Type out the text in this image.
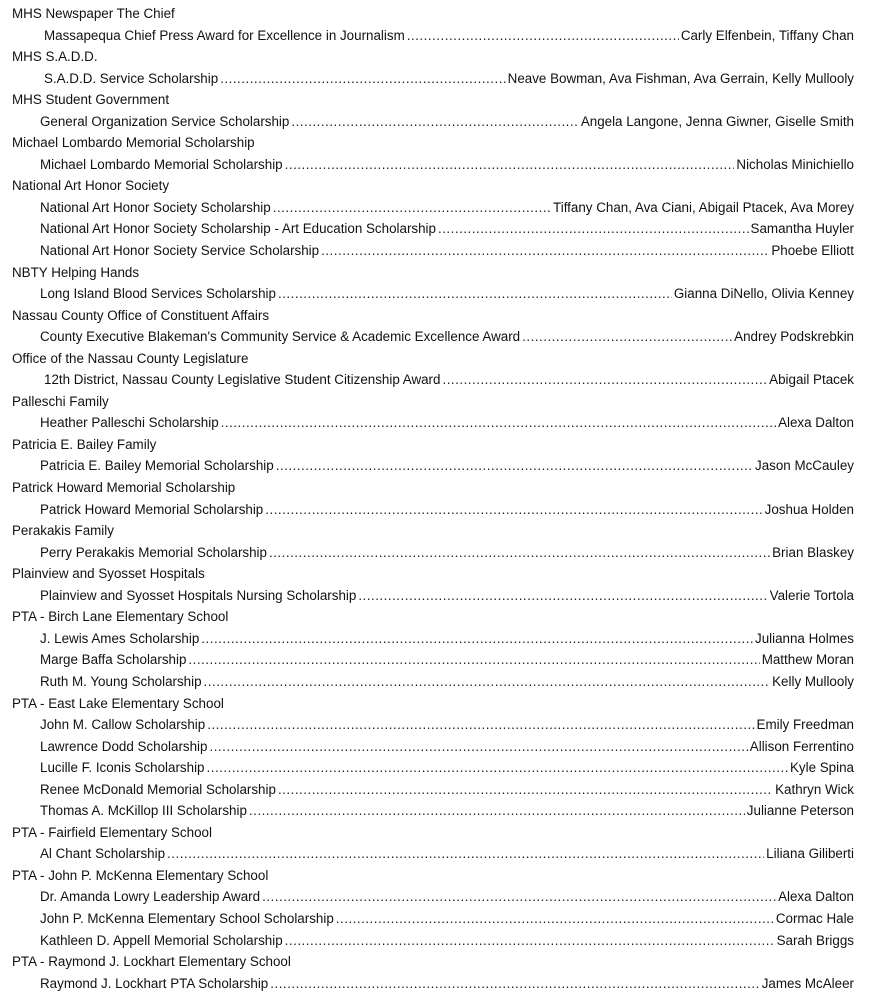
MHS Newspaper The Chief
Massapequa Chief Press Award for Excellence in Journalism .....	Carly Elfenbein, Tiffany Chan
MHS S.A.D.D.
S.A.D.D. Service Scholarship .....	Neave Bowman, Ava Fishman, Ava Gerrain, Kelly Mullooly
MHS Student Government
General Organization Service Scholarship .....	Angela Langone, Jenna Giwner, Giselle Smith
Michael Lombardo Memorial Scholarship
Michael Lombardo Memorial Scholarship .....	Nicholas Minichiello
National Art Honor Society
National Art Honor Society Scholarship .....	Tiffany Chan, Ava Ciani, Abigail Ptacek, Ava Morey
National Art Honor Society Scholarship - Art Education Scholarship .....	Samantha Huyler
National Art Honor Society Service Scholarship .....	Phoebe Elliott
NBTY Helping Hands
Long Island Blood Services Scholarship .....	Gianna DiNello, Olivia Kenney
Nassau County Office of Constituent Affairs
County Executive Blakeman's Community Service & Academic Excellence Award .....	Andrey Podskrebkin
Office of the Nassau County Legislature
12th District, Nassau County Legislative Student Citizenship Award .....	Abigail Ptacek
Palleschi Family
Heather Palleschi Scholarship .....	Alexa Dalton
Patricia E. Bailey Family
Patricia E. Bailey Memorial Scholarship .....	Jason McCauley
Patrick Howard Memorial Scholarship
Patrick Howard Memorial Scholarship .....	Joshua Holden
Perakakis Family
Perry Perakakis Memorial Scholarship .....	Brian Blaskey
Plainview and Syosset Hospitals
Plainview and Syosset Hospitals Nursing Scholarship .....	Valerie Tortola
PTA - Birch Lane Elementary School
J. Lewis Ames Scholarship .....	Julianna Holmes
Marge Baffa Scholarship .....	Matthew Moran
Ruth M. Young Scholarship .....	Kelly Mullooly
PTA - East Lake Elementary School
John M. Callow Scholarship .....	Emily Freedman
Lawrence Dodd Scholarship .....	Allison Ferrentino
Lucille F. Iconis Scholarship .....	Kyle Spina
Renee McDonald Memorial Scholarship .....	Kathryn Wick
Thomas A. McKillop III Scholarship .....	Julianne Peterson
PTA - Fairfield Elementary School
Al Chant Scholarship .....	Liliana Giliberti
PTA - John P. McKenna Elementary School
Dr. Amanda Lowry Leadership Award .....	Alexa Dalton
John P. McKenna Elementary School Scholarship .....	Cormac Hale
Kathleen D. Appell Memorial Scholarship .....	Sarah Briggs
PTA - Raymond J. Lockhart Elementary School
Raymond J. Lockhart PTA Scholarship .....	James McAleer
